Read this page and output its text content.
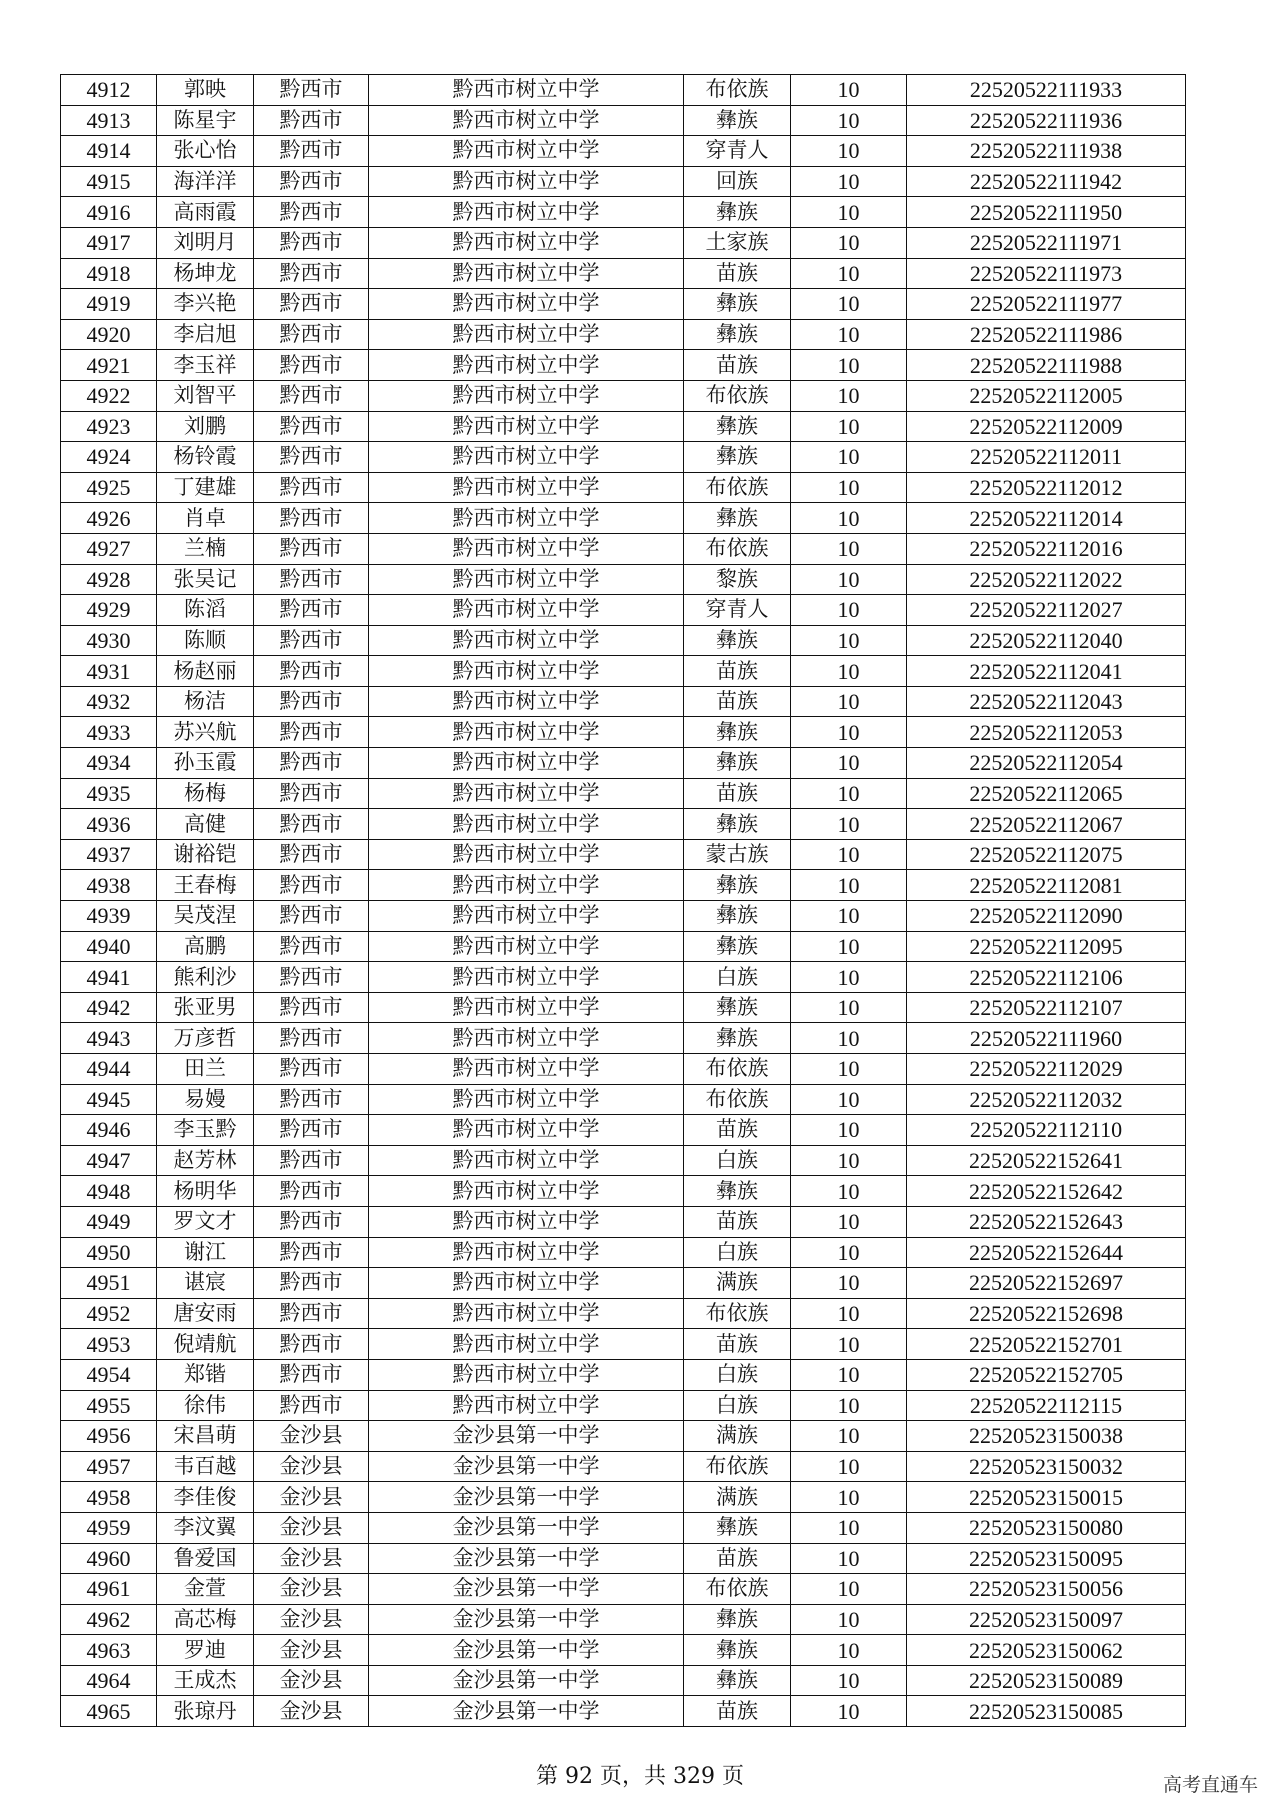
4912	郭映	黔西市	黔西市树立中学	布依族	10	22520522111933
4913	陈星宇	黔西市	黔西市树立中学	彝族	10	22520522111936
4914	张心怡	黔西市	黔西市树立中学	穿青人	10	22520522111938
4915	海洋洋	黔西市	黔西市树立中学	回族	10	22520522111942
4916	高雨霞	黔西市	黔西市树立中学	彝族	10	22520522111950
4917	刘明月	黔西市	黔西市树立中学	土家族	10	22520522111971
4918	杨坤龙	黔西市	黔西市树立中学	苗族	10	22520522111973
4919	李兴艳	黔西市	黔西市树立中学	彝族	10	22520522111977
4920	李启旭	黔西市	黔西市树立中学	彝族	10	22520522111986
4921	李玉祥	黔西市	黔西市树立中学	苗族	10	22520522111988
4922	刘智平	黔西市	黔西市树立中学	布依族	10	22520522112005
4923	刘鹏	黔西市	黔西市树立中学	彝族	10	22520522112009
4924	杨铃霞	黔西市	黔西市树立中学	彝族	10	22520522112011
4925	丁建雄	黔西市	黔西市树立中学	布依族	10	22520522112012
4926	肖卓	黔西市	黔西市树立中学	彝族	10	22520522112014
4927	兰楠	黔西市	黔西市树立中学	布依族	10	22520522112016
4928	张吴记	黔西市	黔西市树立中学	黎族	10	22520522112022
4929	陈滔	黔西市	黔西市树立中学	穿青人	10	22520522112027
4930	陈顺	黔西市	黔西市树立中学	彝族	10	22520522112040
4931	杨赵丽	黔西市	黔西市树立中学	苗族	10	22520522112041
4932	杨洁	黔西市	黔西市树立中学	苗族	10	22520522112043
4933	苏兴航	黔西市	黔西市树立中学	彝族	10	22520522112053
4934	孙玉霞	黔西市	黔西市树立中学	彝族	10	22520522112054
4935	杨梅	黔西市	黔西市树立中学	苗族	10	22520522112065
4936	高健	黔西市	黔西市树立中学	彝族	10	22520522112067
4937	谢裕铠	黔西市	黔西市树立中学	蒙古族	10	22520522112075
4938	王春梅	黔西市	黔西市树立中学	彝族	10	22520522112081
4939	吴茂涅	黔西市	黔西市树立中学	彝族	10	22520522112090
4940	高鹏	黔西市	黔西市树立中学	彝族	10	22520522112095
4941	熊利沙	黔西市	黔西市树立中学	白族	10	22520522112106
4942	张亚男	黔西市	黔西市树立中学	彝族	10	22520522112107
4943	万彦哲	黔西市	黔西市树立中学	彝族	10	22520522111960
4944	田兰	黔西市	黔西市树立中学	布依族	10	22520522112029
4945	易嫚	黔西市	黔西市树立中学	布依族	10	22520522112032
4946	李玉黔	黔西市	黔西市树立中学	苗族	10	22520522112110
4947	赵芳林	黔西市	黔西市树立中学	白族	10	22520522152641
4948	杨明华	黔西市	黔西市树立中学	彝族	10	22520522152642
4949	罗文才	黔西市	黔西市树立中学	苗族	10	22520522152643
4950	谢江	黔西市	黔西市树立中学	白族	10	22520522152644
4951	谌宸	黔西市	黔西市树立中学	满族	10	22520522152697
4952	唐安雨	黔西市	黔西市树立中学	布依族	10	22520522152698
4953	倪靖航	黔西市	黔西市树立中学	苗族	10	22520522152701
4954	郑锴	黔西市	黔西市树立中学	白族	10	22520522152705
4955	徐伟	黔西市	黔西市树立中学	白族	10	22520522112115
4956	宋昌萌	金沙县	金沙县第一中学	满族	10	22520523150038
4957	韦百越	金沙县	金沙县第一中学	布依族	10	22520523150032
4958	李佳俊	金沙县	金沙县第一中学	满族	10	22520523150015
4959	李汶翼	金沙县	金沙县第一中学	彝族	10	22520523150080
4960	鲁爱国	金沙县	金沙县第一中学	苗族	10	22520523150095
4961	金萱	金沙县	金沙县第一中学	布依族	10	22520523150056
4962	高芯梅	金沙县	金沙县第一中学	彝族	10	22520523150097
4963	罗迪	金沙县	金沙县第一中学	彝族	10	22520523150062
4964	王成杰	金沙县	金沙县第一中学	彝族	10	22520523150089
4965	张琼丹	金沙县	金沙县第一中学	苗族	10	22520523150085
第 92 页，共 329 页	高考直通车
